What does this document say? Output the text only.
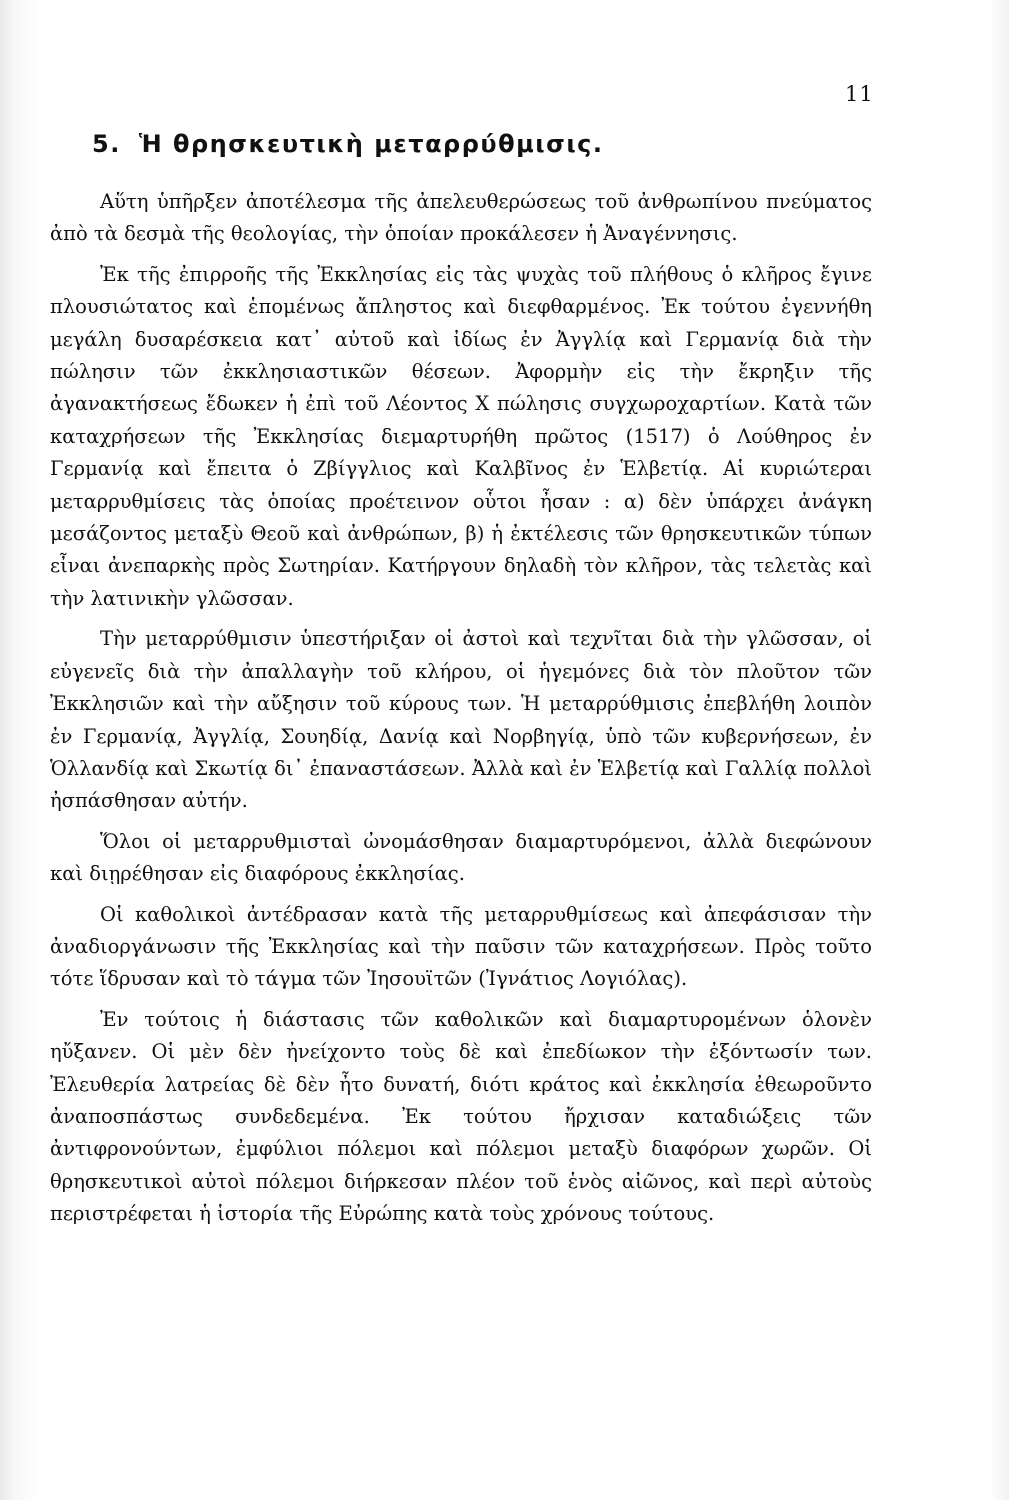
11
5. Ἡ θρησκευτικὴ μεταρρύθμισις.

Αὕτη ὑπῆρξεν ἀποτέλεσμα τῆς ἀπελευθερώσεως τοῦ ἀνθρωπίνου πνεύματος ἀπὸ τὰ δεσμὰ τῆς θεολογίας, τὴν ὁποίαν προκάλεσεν ἡ Ἀναγέννησις.

Ἐκ τῆς ἐπιρροῆς τῆς Ἐκκλησίας εἰς τὰς ψυχὰς τοῦ πλήθους ὁ κλῆρος ἔγινε πλουσιώτατος καὶ ἑπομένως ἄπληστος καὶ διεφθαρμένος. Ἐκ τούτου ἐγεννήθη μεγάλη δυσαρέσκεια κατ᾿ αὐτοῦ καὶ ἰδίως ἐν Ἀγγλίᾳ καὶ Γερμανίᾳ διὰ τὴν πώλησιν τῶν ἐκκλησιαστικῶν θέσεων. Ἀφορμὴν εἰς τὴν ἔκρηξιν τῆς ἀγανακτήσεως ἔδωκεν ἡ ἐπὶ τοῦ Λέοντος Χ πώλησις συγχωροχαρτίων. Κατὰ τῶν καταχρήσεων τῆς Ἐκκλησίας διεμαρτυρήθη πρῶτος (1517) ὁ Λούθηρος ἐν Γερμανίᾳ καὶ ἔπειτα ὁ Ζβίγγλιος καὶ Καλβῖνος ἐν Ἑλβετίᾳ. Αἱ κυριώτεραι μεταρρυθμίσεις τὰς ὁποίας προέτεινον οὗτοι ἦσαν : α) δὲν ὑπάρχει ἀνάγκη μεσάζοντος μεταξὺ Θεοῦ καὶ ἀνθρώπων, β) ἡ ἐκτέλεσις τῶν θρησκευτικῶν τύπων εἶναι ἀνεπαρκὴς πρὸς Σωτηρίαν. Κατήργουν δηλαδὴ τὸν κλῆρον, τὰς τελετὰς καὶ τὴν λατινικὴν γλῶσσαν.

Τὴν μεταρρύθμισιν ὑπεστήριξαν οἱ ἀστοὶ καὶ τεχνῖται διὰ τὴν γλῶσσαν, οἱ εὐγενεῖς διὰ τὴν ἀπαλλαγὴν τοῦ κλήρου, οἱ ἡγεμόνες διὰ τὸν πλοῦτον τῶν Ἐκκλησιῶν καὶ τὴν αὔξησιν τοῦ κύρους των. Ἡ μεταρρύθμισις ἐπεβλήθη λοιπὸν ἐν Γερμανίᾳ, Ἀγγλίᾳ, Σουηδίᾳ, Δανίᾳ καὶ Νορβηγίᾳ, ὑπὸ τῶν κυβερνήσεων, ἐν Ὁλλανδίᾳ καὶ Σκωτίᾳ δι᾿ ἐπαναστάσεων. Ἀλλὰ καὶ ἐν Ἑλβετίᾳ καὶ Γαλλίᾳ πολλοὶ ἠσπάσθησαν αὐτήν.

Ὅλοι οἱ μεταρρυθμισταὶ ὠνομάσθησαν διαμαρτυρόμενοι, ἀλλὰ διεφώνουν καὶ διῃρέθησαν εἰς διαφόρους ἐκκλησίας.

Οἱ καθολικοὶ ἀντέδρασαν κατὰ τῆς μεταρρυθμίσεως καὶ ἀπεφάσισαν τὴν ἀναδιοργάνωσιν τῆς Ἐκκλησίας καὶ τὴν παῦσιν τῶν καταχρήσεων. Πρὸς τοῦτο τότε ἵδρυσαν καὶ τὸ τάγμα τῶν Ἰησουϊτῶν (Ἰγνάτιος Λογιόλας).

Ἐν τούτοις ἡ διάστασις τῶν καθολικῶν καὶ διαμαρτυρομένων ὁλονὲν ηὔξανεν. Οἱ μὲν δὲν ἠνείχοντο τοὺς δὲ καὶ ἐπεδίωκον τὴν ἐξόντωσίν των. Ἐλευθερία λατρείας δὲ δὲν ἦτο δυνατή, διότι κράτος καὶ ἐκκλησία ἐθεωροῦντο ἀναποσπάστως συνδεδεμένα. Ἐκ τούτου ἤρχισαν καταδιώξεις τῶν ἀντιφρονούντων, ἐμφύλιοι πόλεμοι καὶ πόλεμοι μεταξὺ διαφόρων χωρῶν. Οἱ θρησκευτικοὶ αὐτοὶ πόλεμοι διήρκεσαν πλέον τοῦ ἑνὸς αἰῶνος, καὶ περὶ αὐτοὺς περιστρέφεται ἡ ἱστορία τῆς Εὐρώπης κατὰ τοὺς χρόνους τούτους.
